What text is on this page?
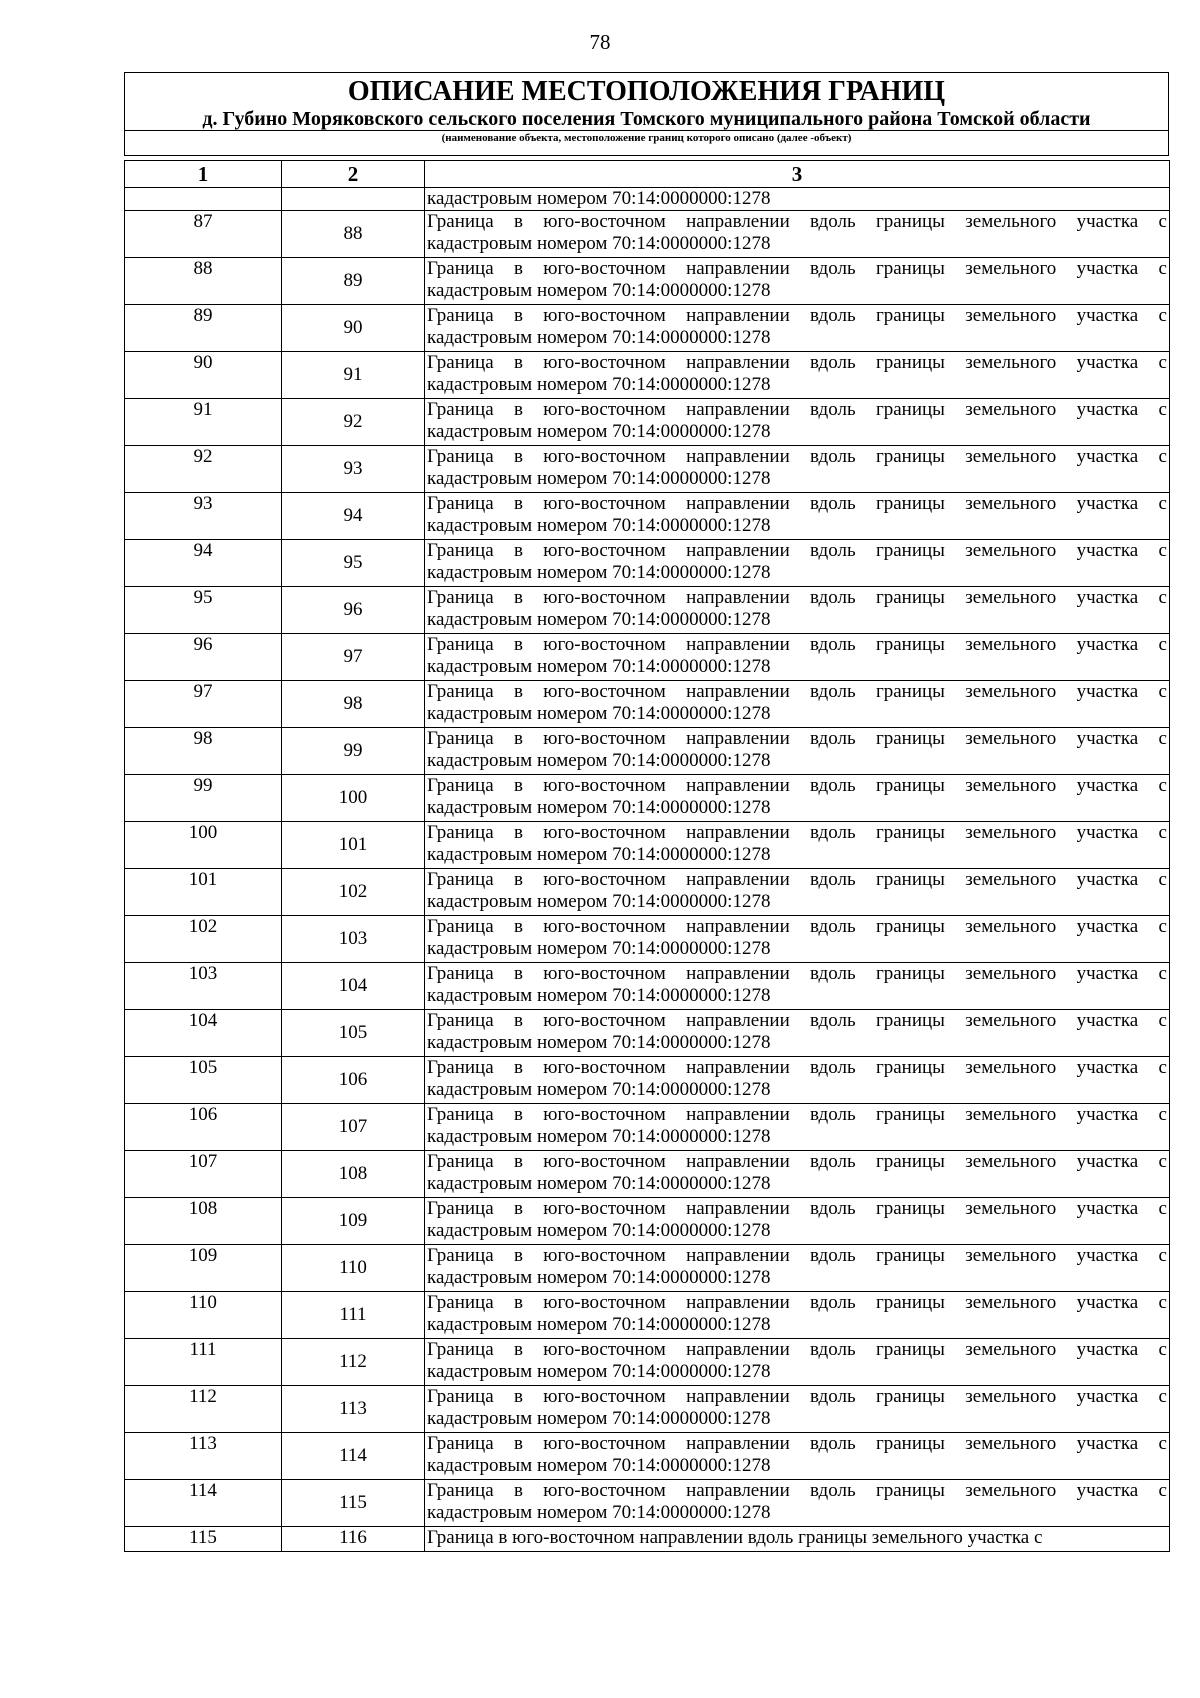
78
ОПИСАНИЕ МЕСТОПОЛОЖЕНИЯ ГРАНИЦ
д. Губино Моряковского сельского поселения Томского муниципального района Томской области
(наименование объекта, местоположение границ которого описано (далее -объект)
1	2	3
		кадастровым номером 70:14:0000000:1278
87	88	Граница в юго-восточном направлении вдоль границы земельного участка с
кадастровым номером 70:14:0000000:1278

88	89	Граница в юго-восточном направлении вдоль границы земельного участка с
кадастровым номером 70:14:0000000:1278

89	90	Граница в юго-восточном направлении вдоль границы земельного участка с
кадастровым номером 70:14:0000000:1278

90	91	Граница в юго-восточном направлении вдоль границы земельного участка с
кадастровым номером 70:14:0000000:1278

91	92	Граница в юго-восточном направлении вдоль границы земельного участка с
кадастровым номером 70:14:0000000:1278

92	93	Граница в юго-восточном направлении вдоль границы земельного участка с
кадастровым номером 70:14:0000000:1278

93	94	Граница в юго-восточном направлении вдоль границы земельного участка с
кадастровым номером 70:14:0000000:1278

94	95	Граница в юго-восточном направлении вдоль границы земельного участка с
кадастровым номером 70:14:0000000:1278

95	96	Граница в юго-восточном направлении вдоль границы земельного участка с
кадастровым номером 70:14:0000000:1278

96	97	Граница в юго-восточном направлении вдоль границы земельного участка с
кадастровым номером 70:14:0000000:1278

97	98	Граница в юго-восточном направлении вдоль границы земельного участка с
кадастровым номером 70:14:0000000:1278

98	99	Граница в юго-восточном направлении вдоль границы земельного участка с
кадастровым номером 70:14:0000000:1278

99	100	Граница в юго-восточном направлении вдоль границы земельного участка с
кадастровым номером 70:14:0000000:1278

100	101	Граница в юго-восточном направлении вдоль границы земельного участка с
кадастровым номером 70:14:0000000:1278

101	102	Граница в юго-восточном направлении вдоль границы земельного участка с
кадастровым номером 70:14:0000000:1278

102	103	Граница в юго-восточном направлении вдоль границы земельного участка с
кадастровым номером 70:14:0000000:1278

103	104	Граница в юго-восточном направлении вдоль границы земельного участка с
кадастровым номером 70:14:0000000:1278

104	105	Граница в юго-восточном направлении вдоль границы земельного участка с
кадастровым номером 70:14:0000000:1278

105	106	Граница в юго-восточном направлении вдоль границы земельного участка с
кадастровым номером 70:14:0000000:1278

106	107	Граница в юго-восточном направлении вдоль границы земельного участка с
кадастровым номером 70:14:0000000:1278

107	108	Граница в юго-восточном направлении вдоль границы земельного участка с
кадастровым номером 70:14:0000000:1278

108	109	Граница в юго-восточном направлении вдоль границы земельного участка с
кадастровым номером 70:14:0000000:1278

109	110	Граница в юго-восточном направлении вдоль границы земельного участка с
кадастровым номером 70:14:0000000:1278

110	111	Граница в юго-восточном направлении вдоль границы земельного участка с
кадастровым номером 70:14:0000000:1278

111	112	Граница в юго-восточном направлении вдоль границы земельного участка с
кадастровым номером 70:14:0000000:1278

112	113	Граница в юго-восточном направлении вдоль границы земельного участка с
кадастровым номером 70:14:0000000:1278

113	114	Граница в юго-восточном направлении вдоль границы земельного участка с
кадастровым номером 70:14:0000000:1278

114	115	Граница в юго-восточном направлении вдоль границы земельного участка с
кадастровым номером 70:14:0000000:1278

115	116	Граница в юго-восточном направлении вдоль границы земельного участка с
